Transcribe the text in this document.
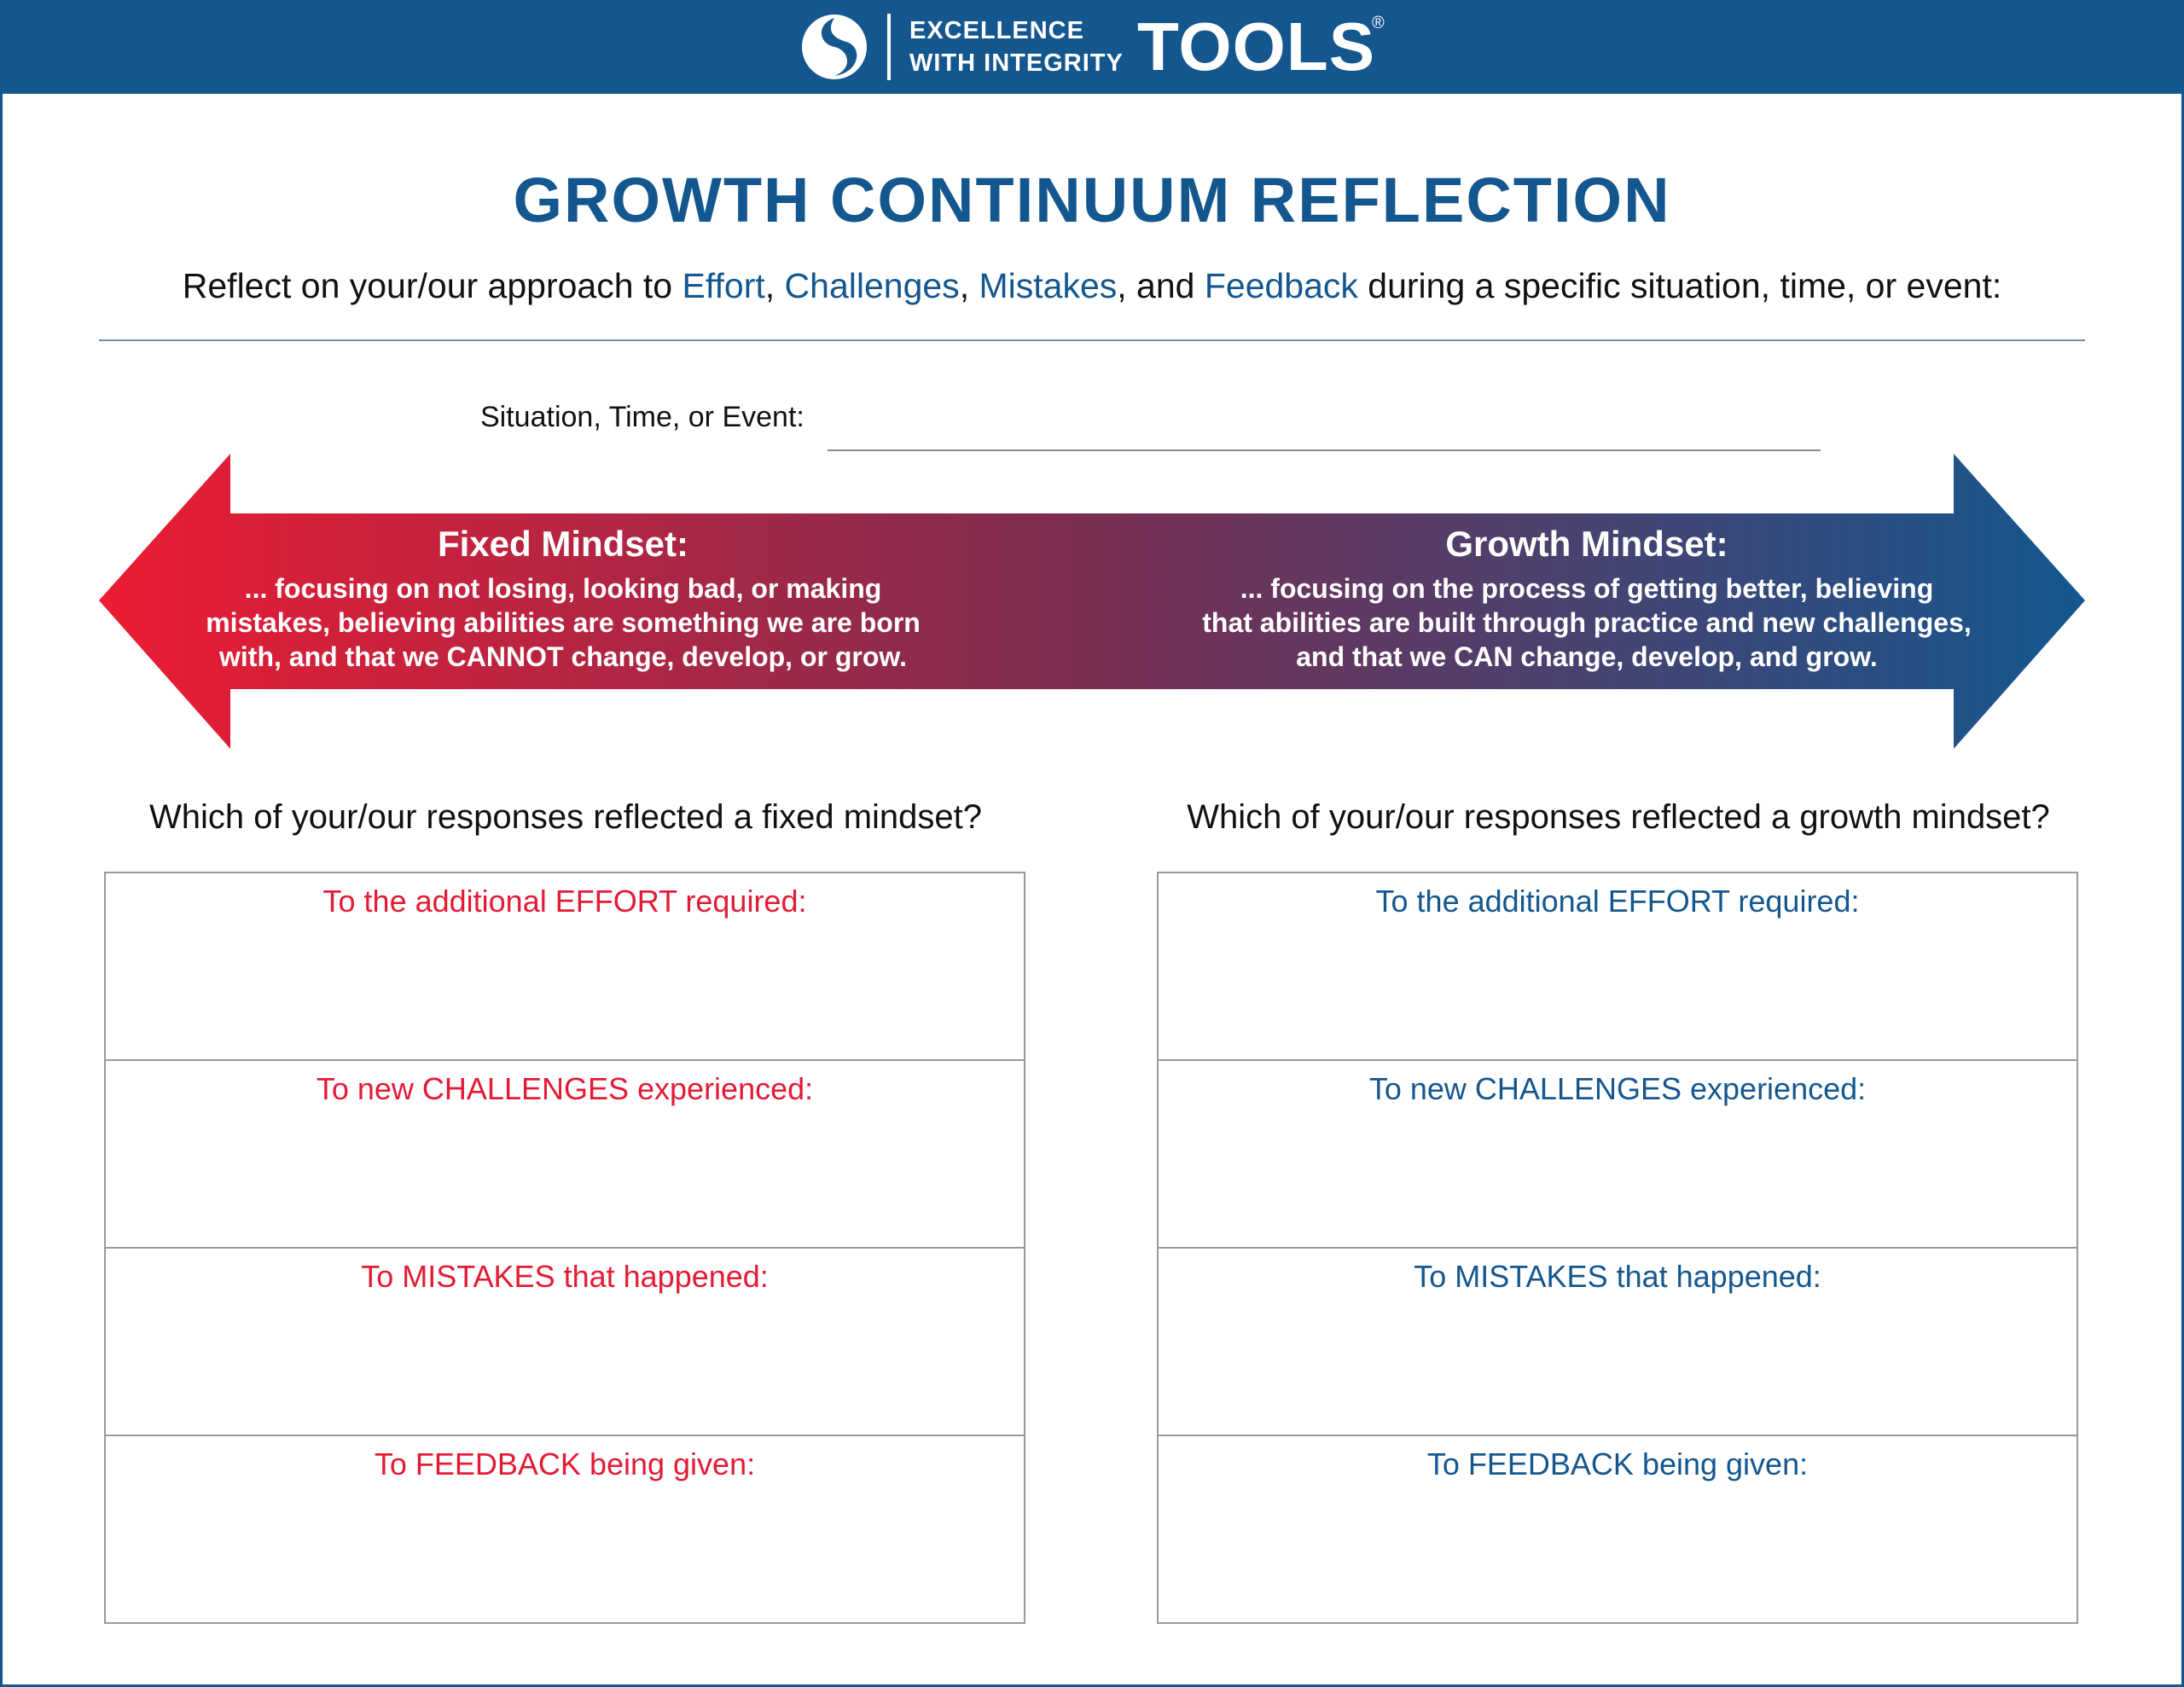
EXCELLENCE
WITH INTEGRITY TOOLS
®
GROWTH CONTINUUM REFLECTION
Reflect on your/our approach to Effort, Challenges, Mistakes, and Feedback during a specific situation, time, or event:
Situation, Time, or Event:
Fixed Mindset:
... focusing on not losing, looking bad, or making
mistakes, believing abilities are something we are born
with, and that we CANNOT change, develop, or grow.
Growth Mindset:
... focusing on the process of getting better, believing
that abilities are built through practice and new challenges,
and that we CAN change, develop, and grow.
Which of your/our responses reflected a fixed mindset?	Which of your/our responses reflected a growth mindset?
To the additional EFFORT required:
To new CHALLENGES experienced:
To MISTAKES that happened:
To FEEDBACK being given:
To the additional EFFORT required:
To new CHALLENGES experienced:
To MISTAKES that happened:
To FEEDBACK being given:
